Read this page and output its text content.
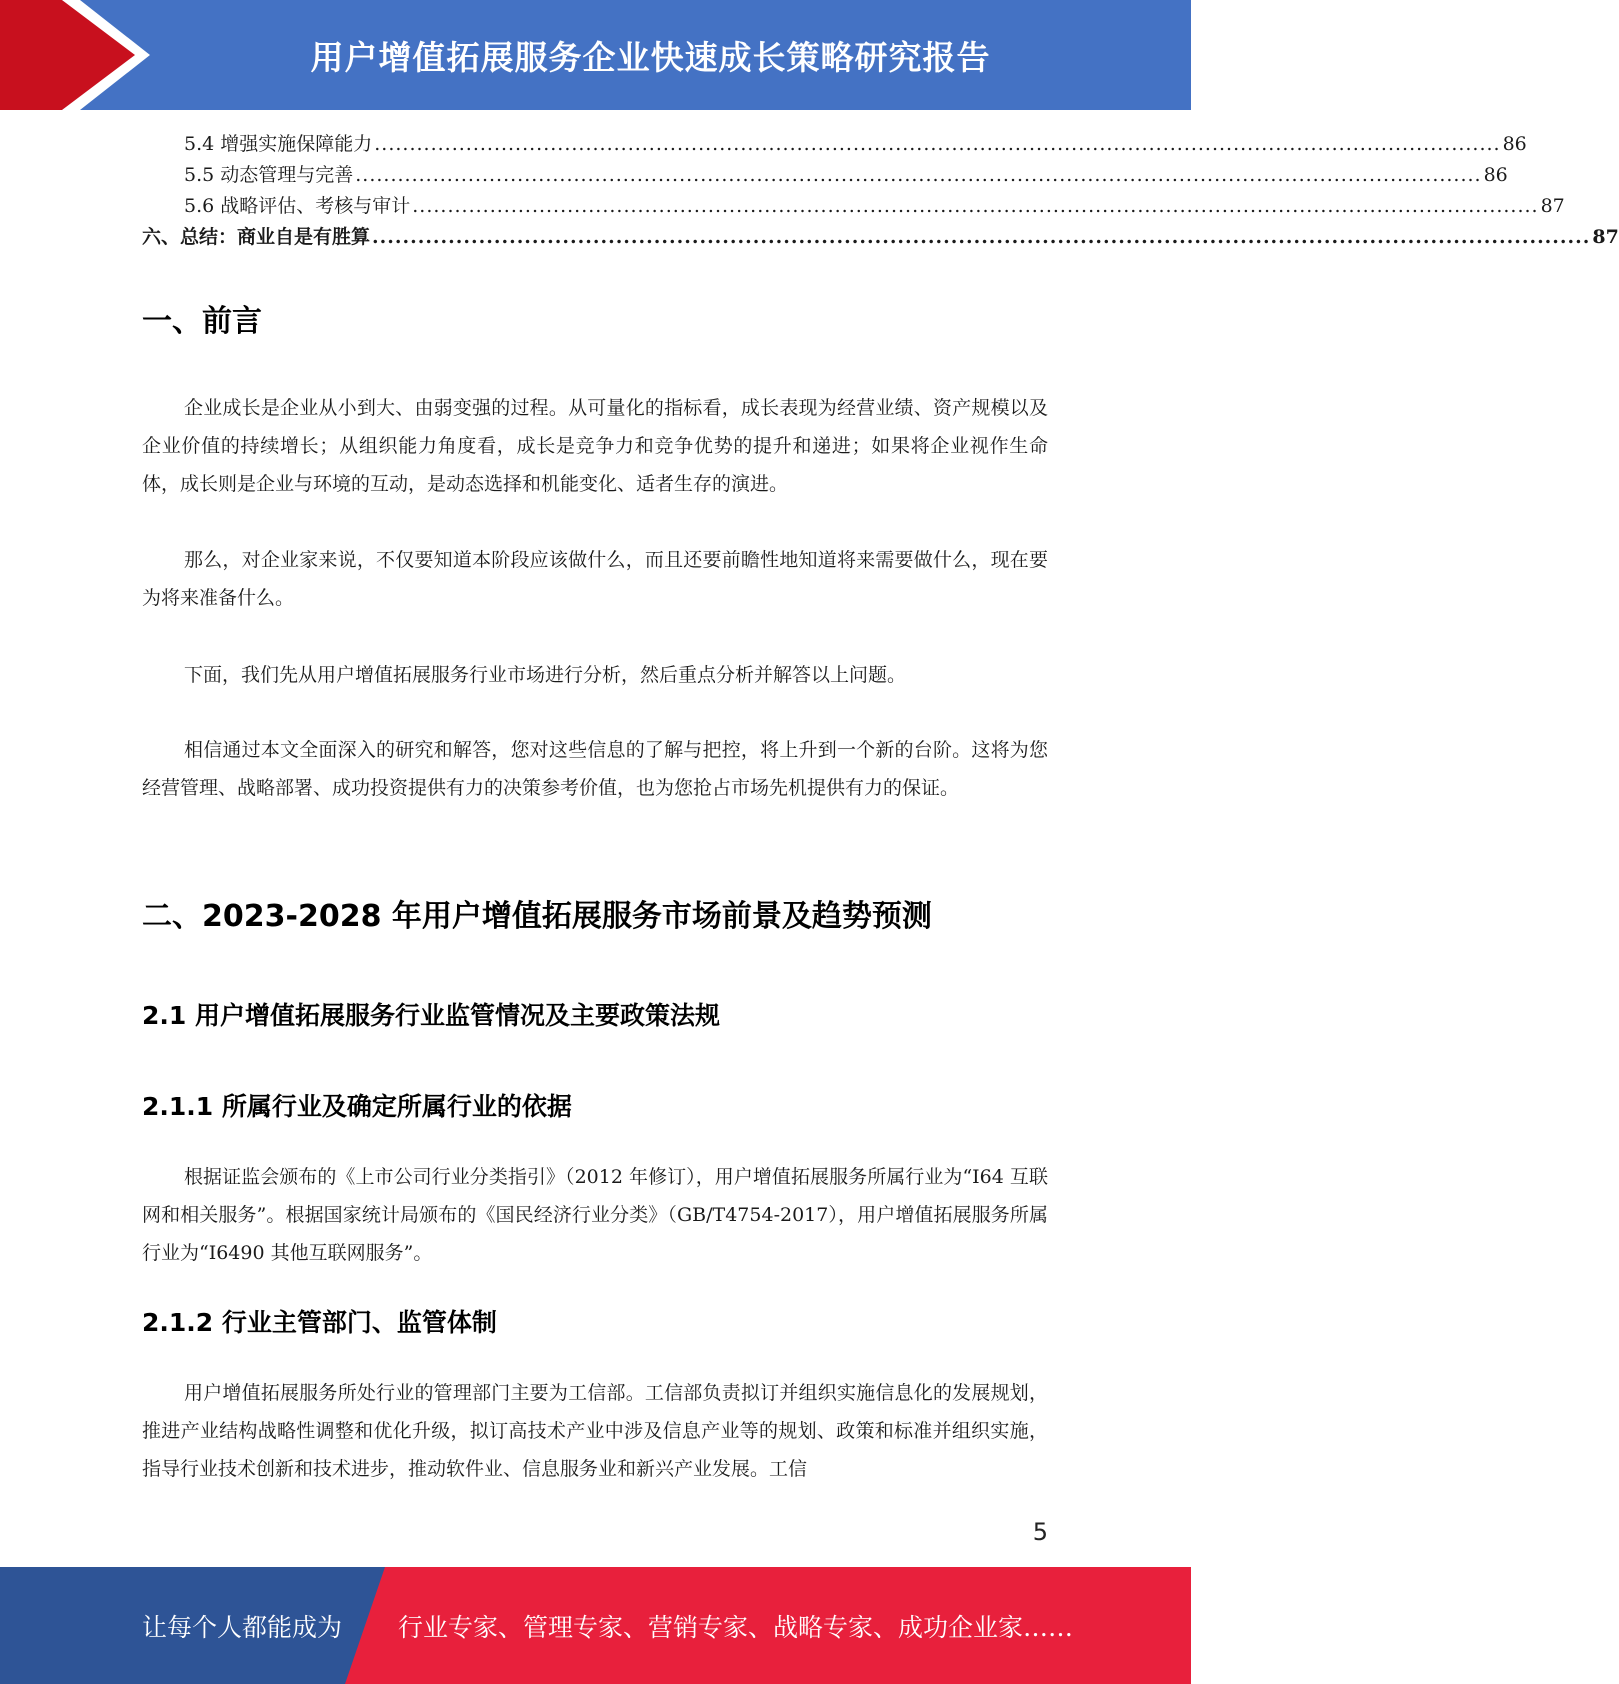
用户增值拓展服务企业快速成长策略研究报告
5.4 增强实施保障能力 ................................................................................................................................................................ 86
5.5 动态管理与完善 ................................................................................................................................................................ 86
5.6 战略评估、考核与审计 ................................................................................................................................................................ 87
六、总结：商业自是有胜算 ................................................................................................................................................................ 87
一、前言

企业成长是企业从小到大、由弱变强的过程。从可量化的指标看，成长表现为经营业绩、资产规模以及企业价值的持续增长；从组织能力角度看，成长是竞争力和竞争优势的提升和递进；如果将企业视作生命体，成长则是企业与环境的互动，是动态选择和机能变化、适者生存的演进。

那么，对企业家来说，不仅要知道本阶段应该做什么，而且还要前瞻性地知道将来需要做什么，现在要为将来准备什么。

下面，我们先从用户增值拓展服务行业市场进行分析，然后重点分析并解答以上问题。

相信通过本文全面深入的研究和解答，您对这些信息的了解与把控，将上升到一个新的台阶。这将为您经营管理、战略部署、成功投资提供有力的决策参考价值，也为您抢占市场先机提供有力的保证。

二、2023-2028 年用户增值拓展服务市场前景及趋势预测
2.1 用户增值拓展服务行业监管情况及主要政策法规
2.1.1 所属行业及确定所属行业的依据

根据证监会颁布的《上市公司行业分类指引》（2012 年修订），用户增值拓展服务所属行业为“I64 互联网和相关服务”。根据国家统计局颁布的《国民经济行业分类》（GB/T4754-2017），用户增值拓展服务所属行业为“I6490 其他互联网服务”。

2.1.2 行业主管部门、监管体制

用户增值拓展服务所处行业的管理部门主要为工信部。工信部负责拟订并组织实施信息化的发展规划，推进产业结构战略性调整和优化升级，拟订高技术产业中涉及信息产业等的规划、政策和标准并组织实施，指导行业技术创新和技术进步，推动软件业、信息服务业和新兴产业发展。工信

5
让每个人都能成为 行业专家、管理专家、营销专家、战略专家、成功企业家……
